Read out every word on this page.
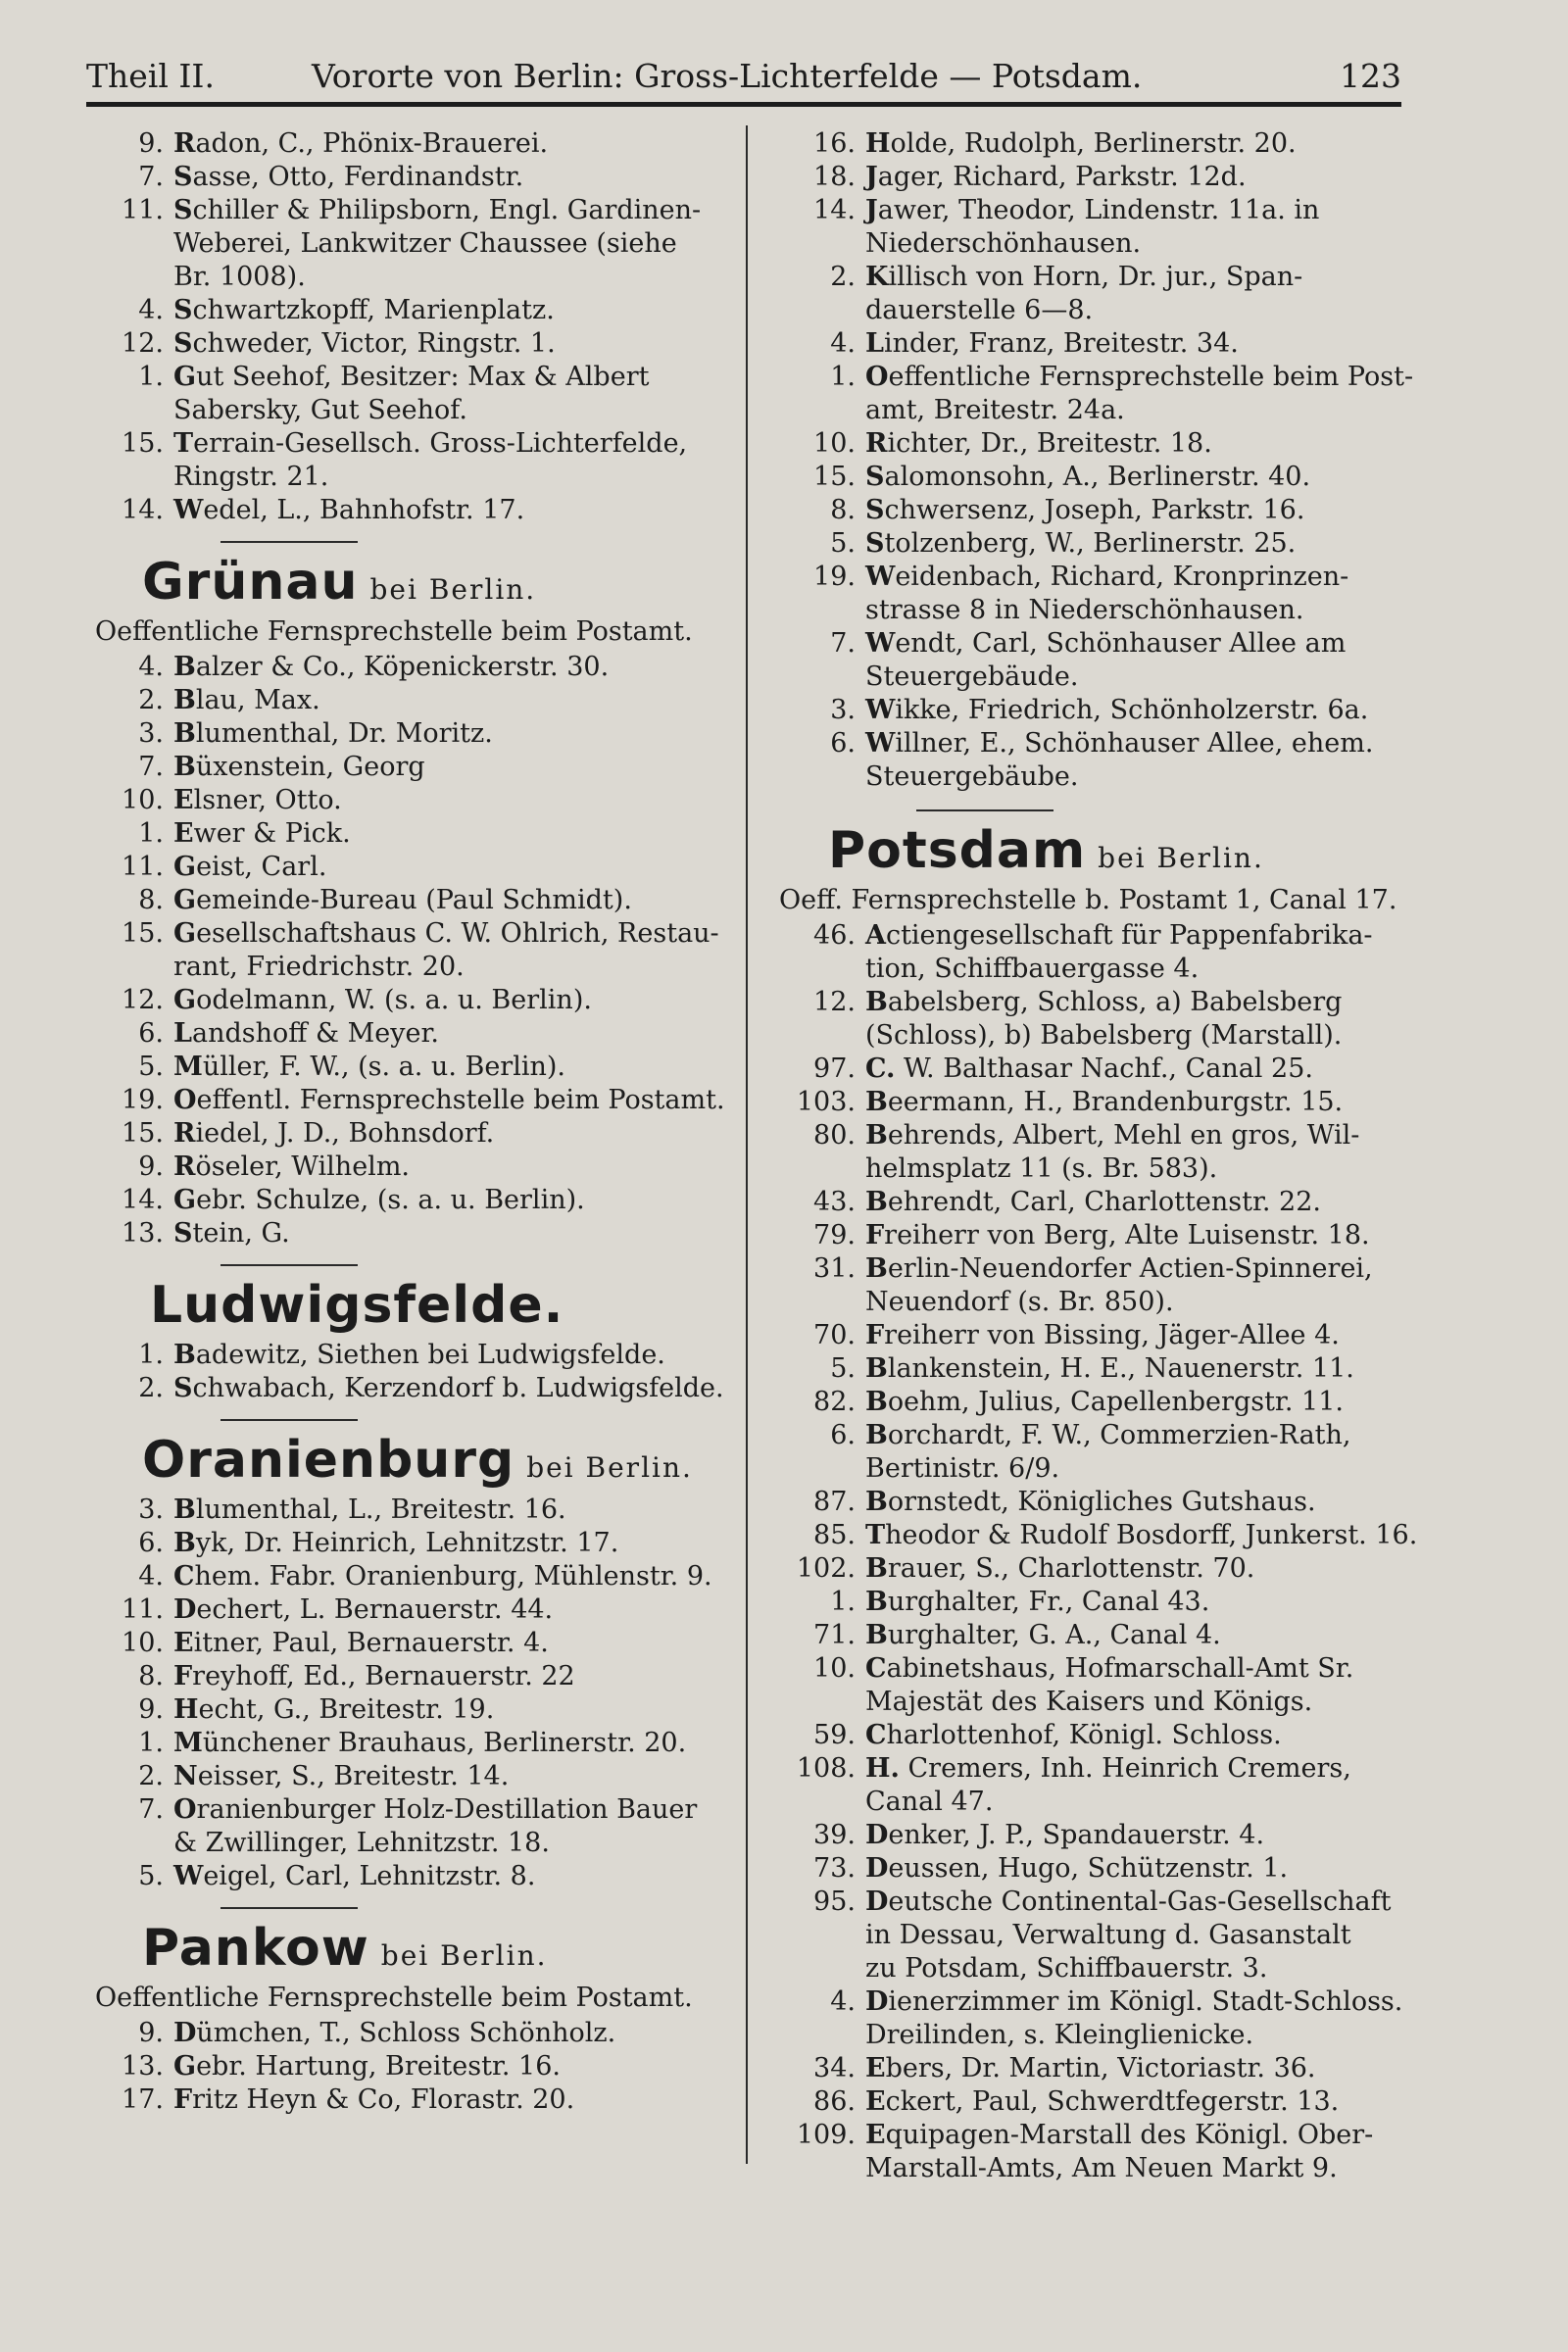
Theil II.	Vororte von Berlin: Gross-Lichterfelde — Potsdam.	123
9. Radon, C., Phönix-Brauerei.
7. Sasse, Otto, Ferdinandstr.
11. Schiller & Philipsborn, Engl. Gardinen-
Weberei, Lankwitzer Chaussee (siehe
Br. 1008).
4. Schwartzkopff, Marienplatz.
12. Schweder, Victor, Ringstr. 1.
1. Gut Seehof, Besitzer: Max & Albert
Sabersky, Gut Seehof.
15. Terrain-Gesellsch. Gross-Lichterfelde,
Ringstr. 21.
14. Wedel, L., Bahnhofstr. 17.
Grünau bei Berlin.
Oeffentliche Fernsprechstelle beim Postamt.
4. Balzer & Co., Köpenickerstr. 30.
2. Blau, Max.
3. Blumenthal, Dr. Moritz.
7. Büxenstein, Georg
10. Elsner, Otto.
1. Ewer & Pick.
11. Geist, Carl.
8. Gemeinde-Bureau (Paul Schmidt).
15. Gesellschaftshaus C. W. Ohlrich, Restau-
rant, Friedrichstr. 20.
12. Godelmann, W. (s. a. u. Berlin).
6. Landshoff & Meyer.
5. Müller, F. W., (s. a. u. Berlin).
19. Oeffentl. Fernsprechstelle beim Postamt.
15. Riedel, J. D., Bohnsdorf.
9. Röseler, Wilhelm.
14. Gebr. Schulze, (s. a. u. Berlin).
13. Stein, G.
Ludwigsfelde.
1. Badewitz, Siethen bei Ludwigsfelde.
2. Schwabach, Kerzendorf b. Ludwigsfelde.
Oranienburg bei Berlin.
3. Blumenthal, L., Breitestr. 16.
6. Byk, Dr. Heinrich, Lehnitzstr. 17.
4. Chem. Fabr. Oranienburg, Mühlenstr. 9.
11. Dechert, L. Bernauerstr. 44.
10. Eitner, Paul, Bernauerstr. 4.
8. Freyhoff, Ed., Bernauerstr. 22
9. Hecht, G., Breitestr. 19.
1. Münchener Brauhaus, Berlinerstr. 20.
2. Neisser, S., Breitestr. 14.
7. Oranienburger Holz-Destillation Bauer
& Zwillinger, Lehnitzstr. 18.
5. Weigel, Carl, Lehnitzstr. 8.
Pankow bei Berlin.
Oeffentliche Fernsprechstelle beim Postamt.
9. Dümchen, T., Schloss Schönholz.
13. Gebr. Hartung, Breitestr. 16.
17. Fritz Heyn & Co, Florastr. 20.
16. Holde, Rudolph, Berlinerstr. 20.
18. Jager, Richard, Parkstr. 12d.
14. Jawer, Theodor, Lindenstr. 11a. in
Niederschönhausen.
2. Killisch von Horn, Dr. jur., Span-
dauerstelle 6—8.
4. Linder, Franz, Breitestr. 34.
1. Oeffentliche Fernsprechstelle beim Post-
amt, Breitestr. 24a.
10. Richter, Dr., Breitestr. 18.
15. Salomonsohn, A., Berlinerstr. 40.
8. Schwersenz, Joseph, Parkstr. 16.
5. Stolzenberg, W., Berlinerstr. 25.
19. Weidenbach, Richard, Kronprinzen-
strasse 8 in Niederschönhausen.
7. Wendt, Carl, Schönhauser Allee am
Steuergebäude.
3. Wikke, Friedrich, Schönholzerstr. 6a.
6. Willner, E., Schönhauser Allee, ehem.
Steuergebäube.
Potsdam bei Berlin.
Oeff. Fernsprechstelle b. Postamt 1, Canal 17.
46. Actiengesellschaft für Pappenfabrika-
tion, Schiffbauergasse 4.
12. Babelsberg, Schloss, a) Babelsberg
(Schloss), b) Babelsberg (Marstall).
97. C. W. Balthasar Nachf., Canal 25.
103. Beermann, H., Brandenburgstr. 15.
80. Behrends, Albert, Mehl en gros, Wil-
helmsplatz 11 (s. Br. 583).
43. Behrendt, Carl, Charlottenstr. 22.
79. Freiherr von Berg, Alte Luisenstr. 18.
31. Berlin-Neuendorfer Actien-Spinnerei,
Neuendorf (s. Br. 850).
70. Freiherr von Bissing, Jäger-Allee 4.
5. Blankenstein, H. E., Nauenerstr. 11.
82. Boehm, Julius, Capellenbergstr. 11.
6. Borchardt, F. W., Commerzien-Rath,
Bertinistr. 6/9.
87. Bornstedt, Königliches Gutshaus.
85. Theodor & Rudolf Bosdorff, Junkerst. 16.
102. Brauer, S., Charlottenstr. 70.
1. Burghalter, Fr., Canal 43.
71. Burghalter, G. A., Canal 4.
10. Cabinetshaus, Hofmarschall-Amt Sr.
Majestät des Kaisers und Königs.
59. Charlottenhof, Königl. Schloss.
108. H. Cremers, Inh. Heinrich Cremers,
Canal 47.
39. Denker, J. P., Spandauerstr. 4.
73. Deussen, Hugo, Schützenstr. 1.
95. Deutsche Continental-Gas-Gesellschaft
in Dessau, Verwaltung d. Gasanstalt
zu Potsdam, Schiffbauerstr. 3.
4. Dienerzimmer im Königl. Stadt-Schloss.
Dreilinden, s. Kleinglienicke.
34. Ebers, Dr. Martin, Victoriastr. 36.
86. Eckert, Paul, Schwerdtfegerstr. 13.
109. Equipagen-Marstall des Königl. Ober-
Marstall-Amts, Am Neuen Markt 9.
